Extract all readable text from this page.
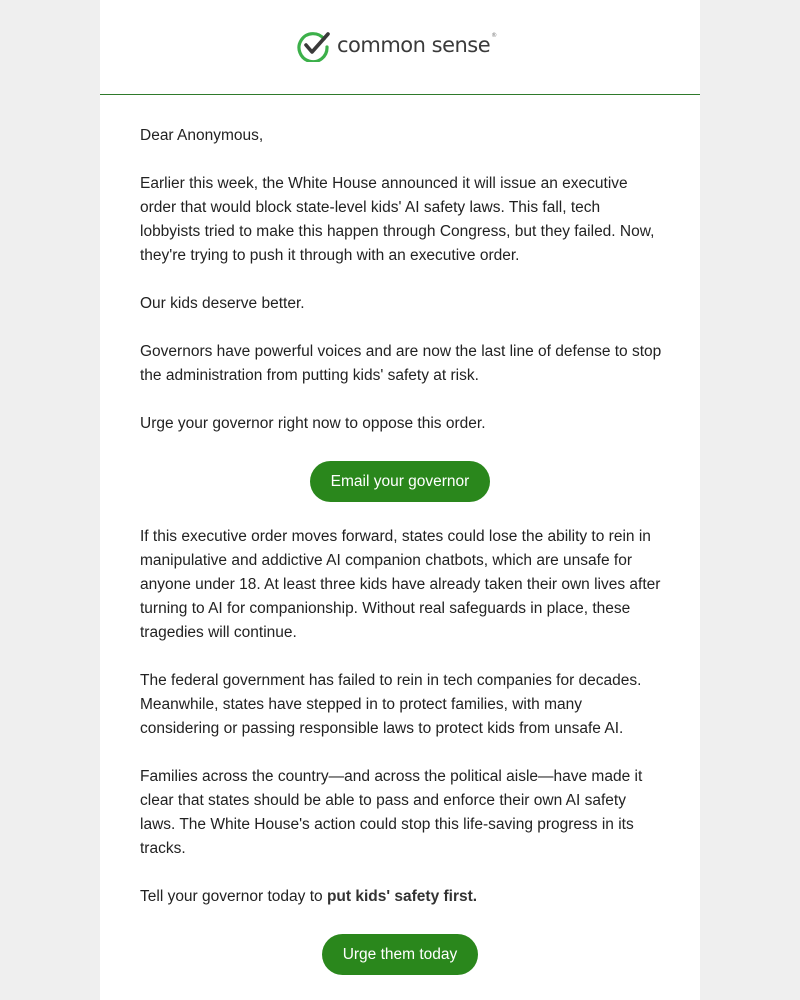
common sense®

Dear Anonymous,

Earlier this week, the White House announced it will issue an executive order that would block state-level kids' AI safety laws. This fall, tech lobbyists tried to make this happen through Congress, but they failed. Now, they're trying to push it through with an executive order.

Our kids deserve better.

Governors have powerful voices and are now the last line of defense to stop the administration from putting kids' safety at risk.

Urge your governor right now to oppose this order.

Email your governor

If this executive order moves forward, states could lose the ability to rein in manipulative and addictive AI companion chatbots, which are unsafe for anyone under 18. At least three kids have already taken their own lives after turning to AI for companionship. Without real safeguards in place, these tragedies will continue.

The federal government has failed to rein in tech companies for decades. Meanwhile, states have stepped in to protect families, with many considering or passing responsible laws to protect kids from unsafe AI.

Families across the country—and across the political aisle—have made it clear that states should be able to pass and enforce their own AI safety laws. The White House's action could stop this life-saving progress in its tracks.

Tell your governor today to put kids' safety first.

Urge them today
